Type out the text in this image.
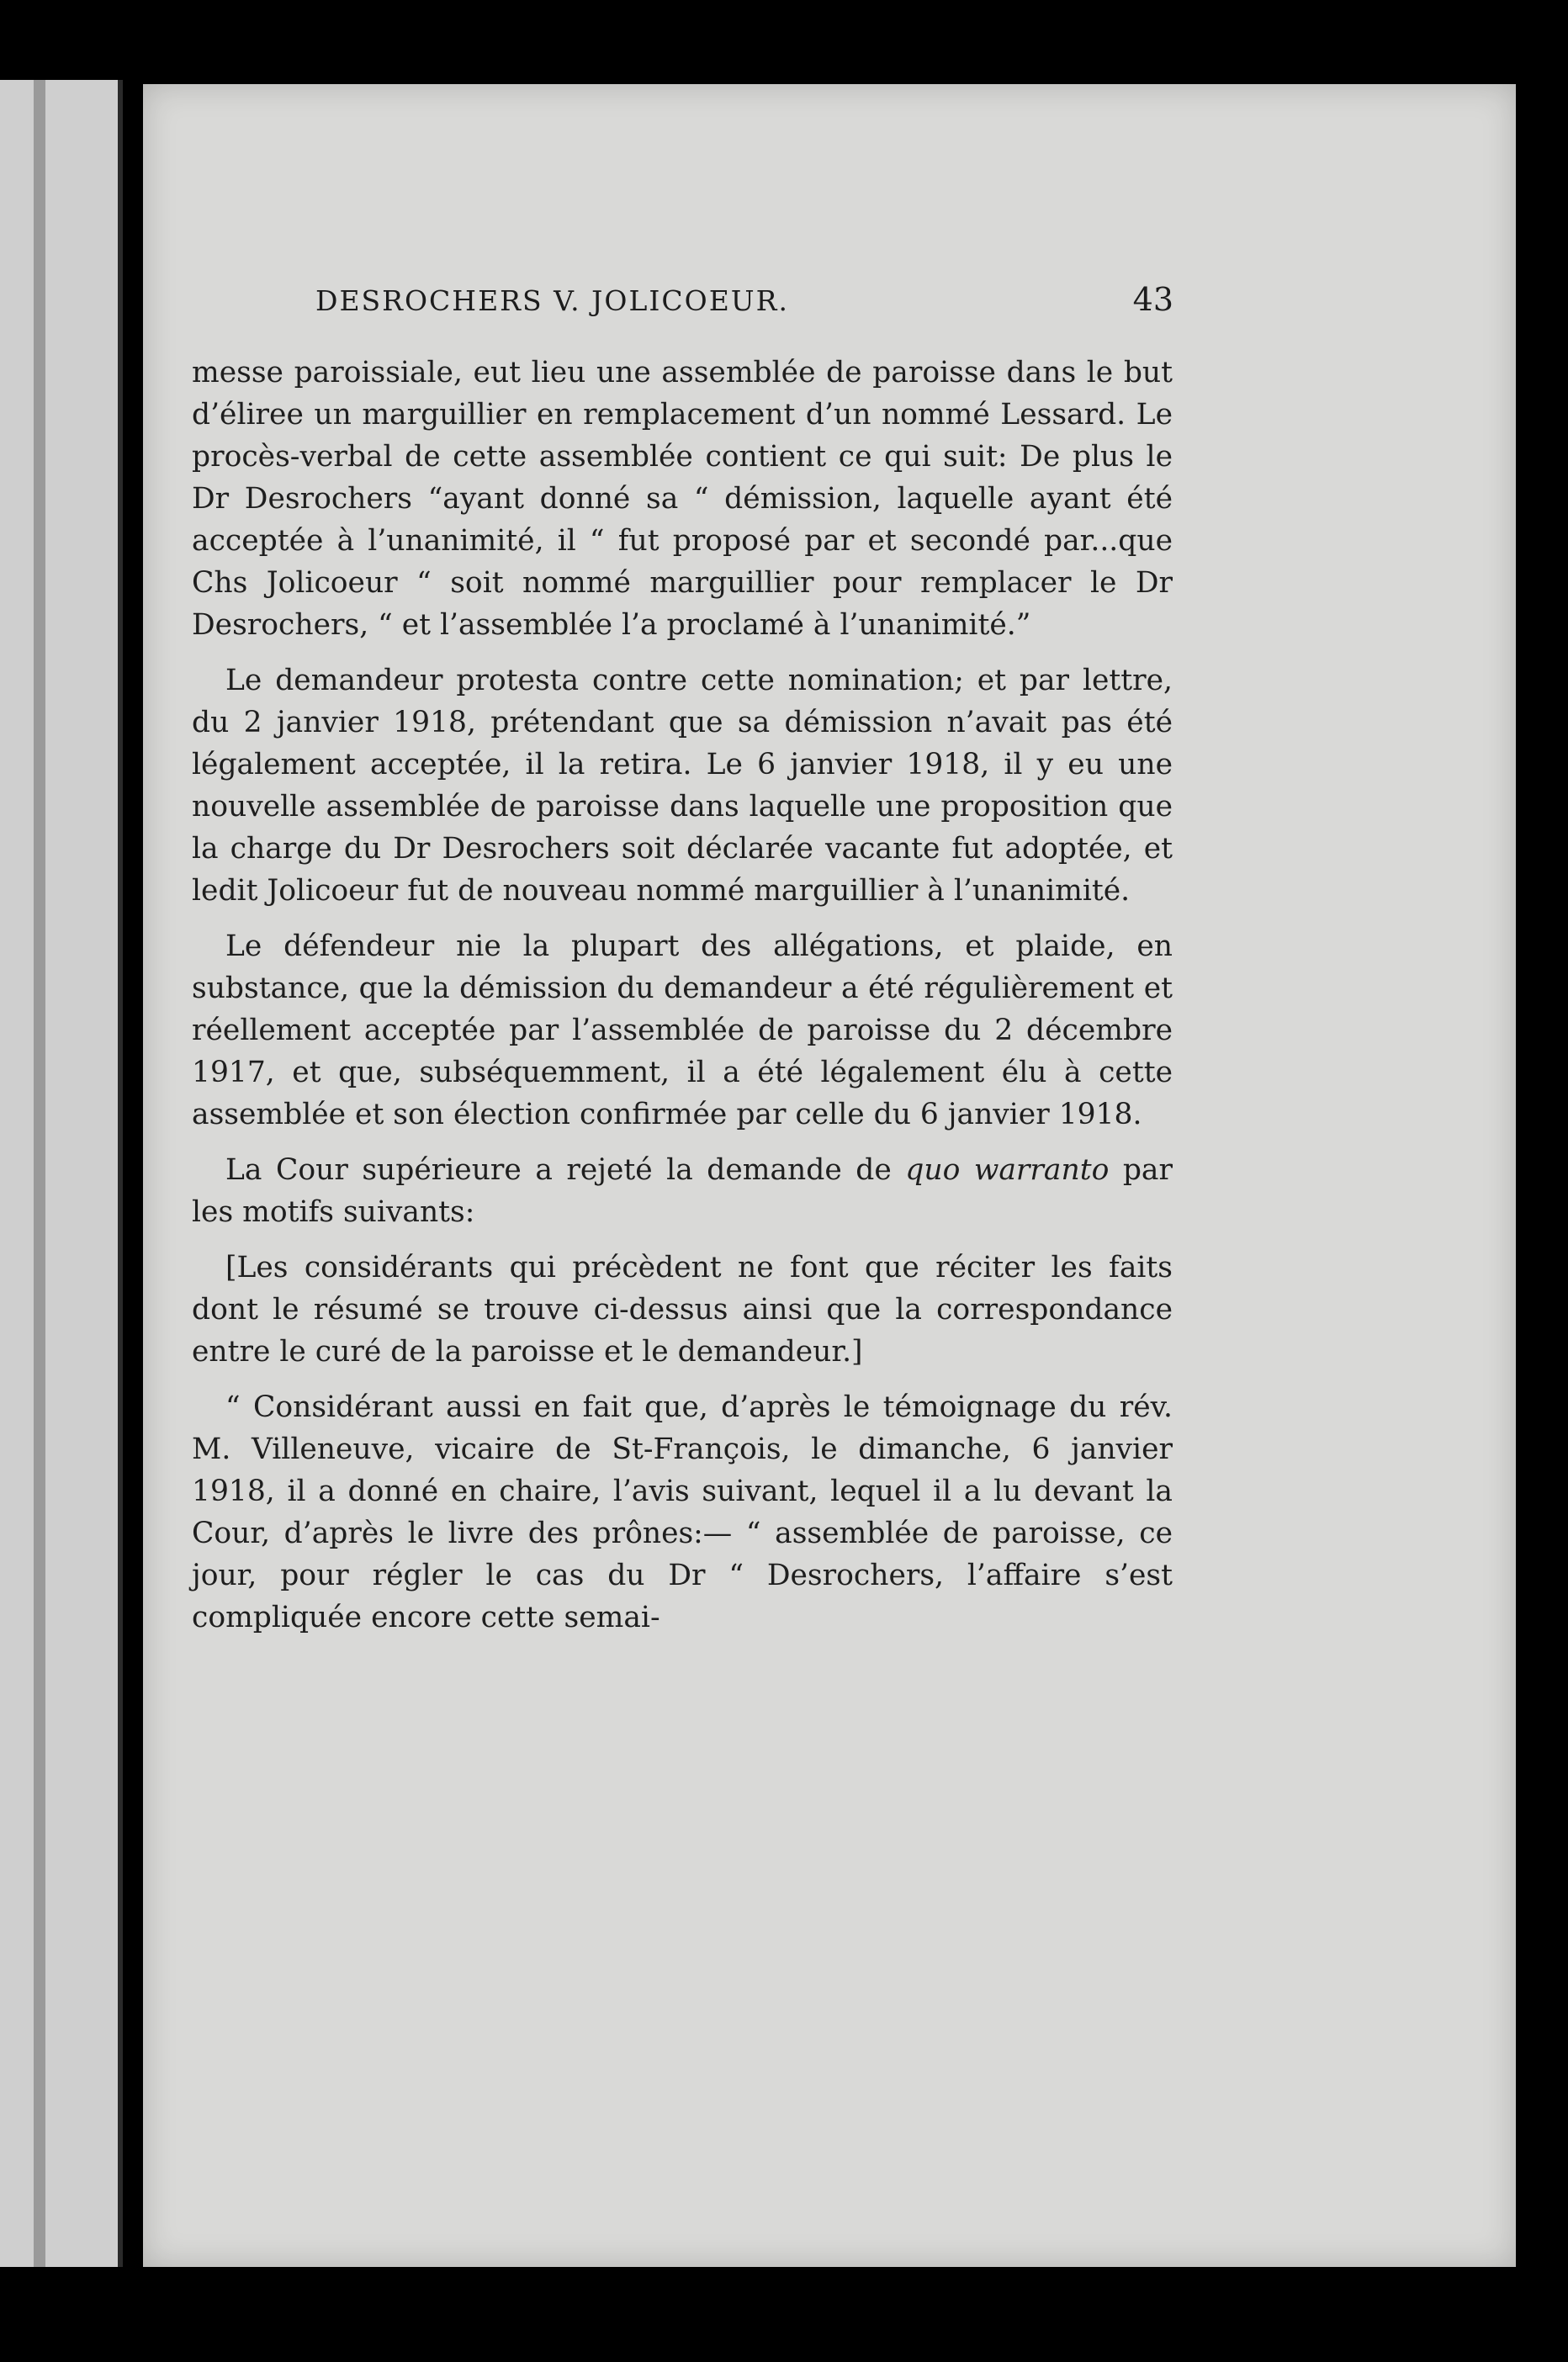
DESROCHERS V. JOLICOEUR.	43

messe paroissiale, eut lieu une assemblée de paroisse dans le but d’éliree un marguillier en remplacement d’un nommé Lessard. Le procès-verbal de cette assemblée contient ce qui suit: De plus le Dr Desrochers “ayant donné sa “ démission, laquelle ayant été acceptée à l’unanimité, il “ fut proposé par et secondé par...que Chs Jolicoeur “ soit nommé marguillier pour remplacer le Dr Desrochers, “ et l’assemblée l’a proclamé à l’unanimité.”

Le demandeur protesta contre cette nomination; et par lettre, du 2 janvier 1918, prétendant que sa démission n’avait pas été légalement acceptée, il la retira. Le 6 janvier 1918, il y eu une nouvelle assemblée de paroisse dans laquelle une proposition que la charge du Dr Desrochers soit déclarée vacante fut adoptée, et ledit Jolicoeur fut de nouveau nommé marguillier à l’unanimité.

Le défendeur nie la plupart des allégations, et plaide, en substance, que la démission du demandeur a été régulièrement et réellement acceptée par l’assemblée de paroisse du 2 décembre 1917, et que, subséquemment, il a été légalement élu à cette assemblée et son élection confirmée par celle du 6 janvier 1918.

La Cour supérieure a rejeté la demande de quo warranto par les motifs suivants:

[Les considérants qui précèdent ne font que réciter les faits dont le résumé se trouve ci-dessus ainsi que la correspondance entre le curé de la paroisse et le demandeur.]

“ Considérant aussi en fait que, d’après le témoignage du rév. M. Villeneuve, vicaire de St-François, le dimanche, 6 janvier 1918, il a donné en chaire, l’avis suivant, lequel il a lu devant la Cour, d’après le livre des prônes:— “ assemblée de paroisse, ce jour, pour régler le cas du Dr “ Desrochers, l’affaire s’est compliquée encore cette semai-
